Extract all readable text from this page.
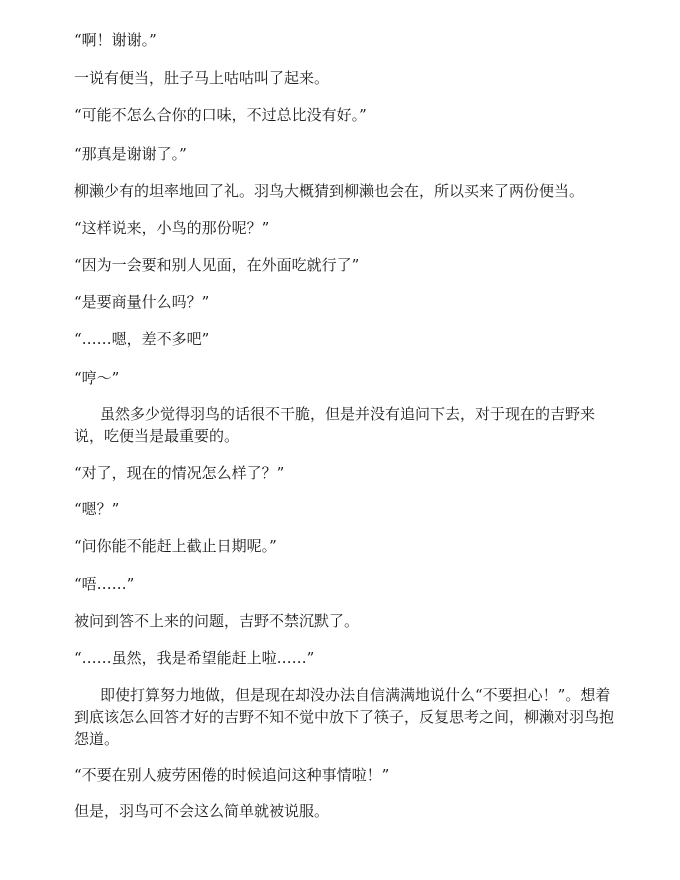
“啊！谢谢。”

一说有便当，肚子马上咕咕叫了起来。

“可能不怎么合你的口味，不过总比没有好。”

“那真是谢谢了。”

柳濑少有的坦率地回了礼。羽鸟大概猜到柳濑也会在，所以买来了两份便当。

“这样说来，小鸟的那份呢？”

“因为一会要和别人见面，在外面吃就行了”

“是要商量什么吗？”

“……嗯，差不多吧”

“哼～”

虽然多少觉得羽鸟的话很不干脆，但是并没有追问下去，对于现在的吉野来说，吃便当是最重要的。

“对了，现在的情况怎么样了？”

“嗯？”

“问你能不能赶上截止日期呢。”

“唔……”

被问到答不上来的问题，吉野不禁沉默了。

“……虽然，我是希望能赶上啦……”

即使打算努力地做，但是现在却没办法自信满满地说什么“不要担心！”。想着到底该怎么回答才好的吉野不知不觉中放下了筷子，反复思考之间，柳濑对羽鸟抱怨道。

“不要在别人疲劳困倦的时候追问这种事情啦！”

但是，羽鸟可不会这么简单就被说服。
